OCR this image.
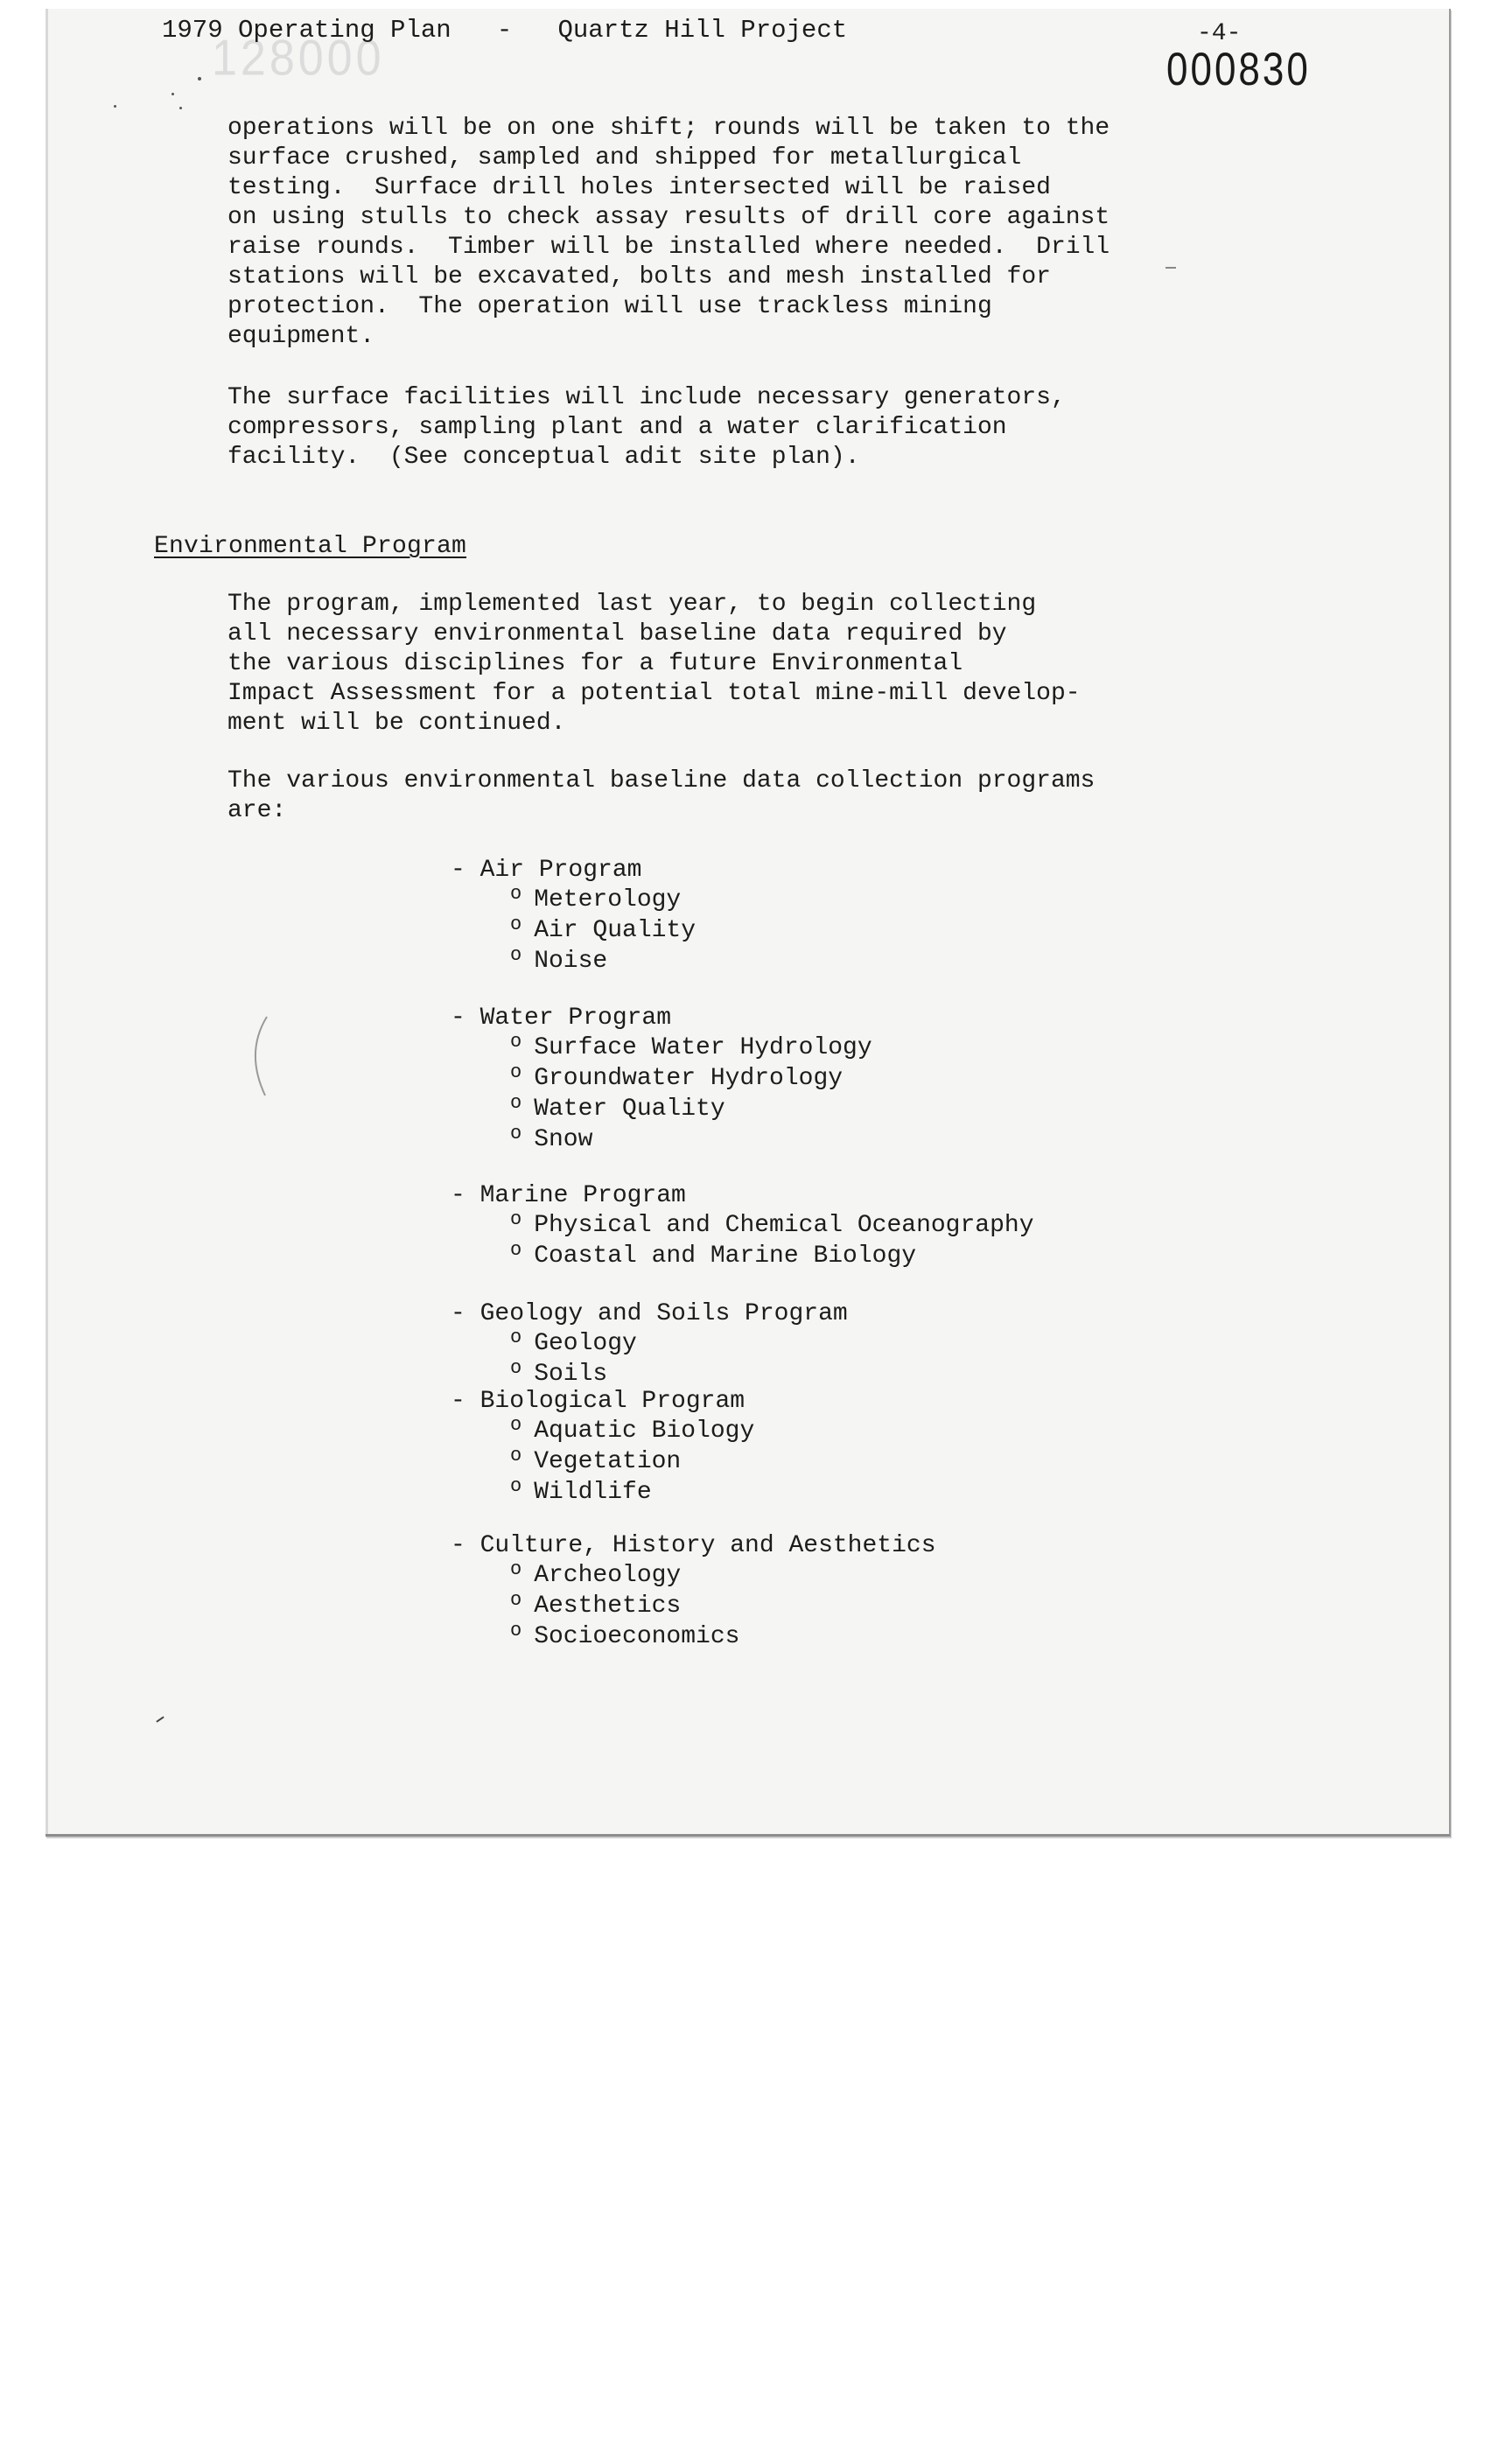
128000
1979 Operating Plan   -   Quartz Hill Project	-4-
000830
operations will be on one shift; rounds will be taken to the
surface crushed, sampled and shipped for metallurgical
testing.  Surface drill holes intersected will be raised
on using stulls to check assay results of drill core against
raise rounds.  Timber will be installed where needed.  Drill
stations will be excavated, bolts and mesh installed for
protection.  The operation will use trackless mining
equipment.
The surface facilities will include necessary generators,
compressors, sampling plant and a water clarification
facility.  (See conceptual adit site plan).
Environmental Program
The program, implemented last year, to begin collecting
all necessary environmental baseline data required by
the various disciplines for a future Environmental
Impact Assessment for a potential total mine-mill develop-
ment will be continued.
The various environmental baseline data collection programs
are:
- Air Program
$^o$ Meterology
$^o$ Air Quality
$^o$ Noise
- Water Program
$^o$ Surface Water Hydrology
$^o$ Groundwater Hydrology
$^o$ Water Quality
$^o$ Snow
- Marine Program
$^o$ Physical and Chemical Oceanography
$^o$ Coastal and Marine Biology
- Geology and Soils Program
$^o$ Geology
$^o$ Soils
- Biological Program
$^o$ Aquatic Biology
$^o$ Vegetation
$^o$ Wildlife
- Culture, History and Aesthetics
$^o$ Archeology
$^o$ Aesthetics
$^o$ Socioeconomics
